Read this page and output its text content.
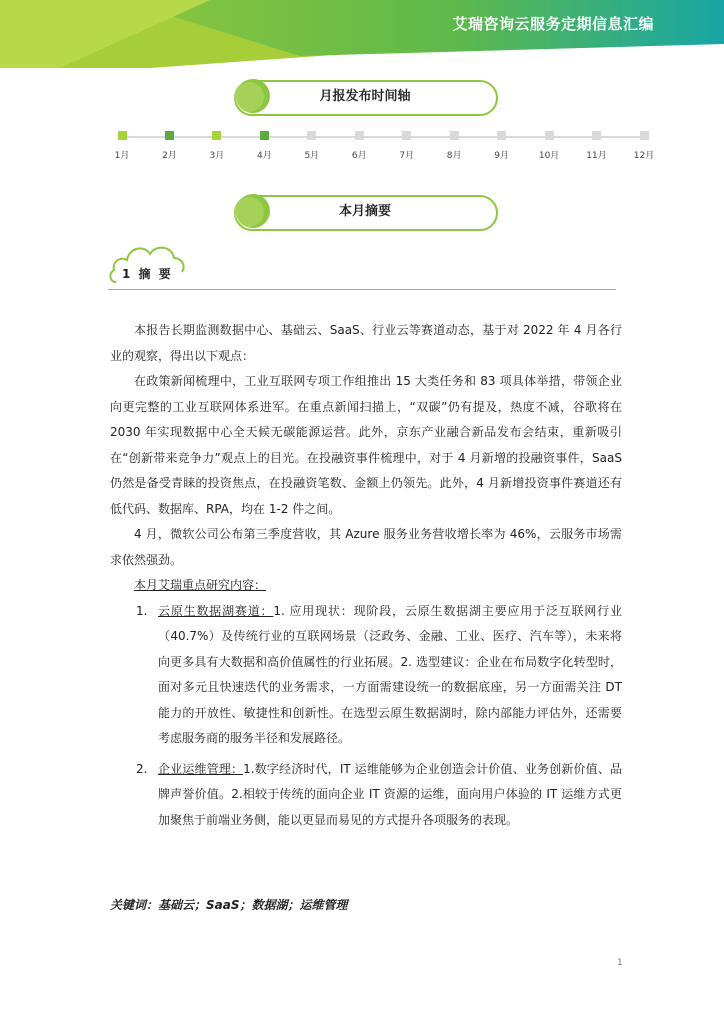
艾瑞咨询云服务定期信息汇编
月报发布时间轴
1月	2月	3月	4月	5月	6月	7月	8月	9月	10月	11月	12月
本月摘要
1 摘 要

本报告长期监测数据中心、基础云、SaaS、行业云等赛道动态，基于对 2022 年 4 月各行业的观察，得出以下观点：

在政策新闻梳理中，工业互联网专项工作组推出 15 大类任务和 83 项具体举措，带领企业向更完整的工业互联网体系进军。在重点新闻扫描上，“双碳”仍有提及，热度不减，谷歌将在 2030 年实现数据中心全天候无碳能源运营。此外，京东产业融合新品发布会结束，重新吸引在“创新带来竞争力”观点上的目光。在投融资事件梳理中，对于 4 月新增的投融资事件，SaaS 仍然是备受青睐的投资焦点，在投融资笔数、金额上仍领先。此外，4 月新增投资事件赛道还有低代码、数据库、RPA，均在 1-2 件之间。

4 月，微软公司公布第三季度营收，其 Azure 服务业务营收增长率为 46%，云服务市场需求依然强劲。

本月艾瑞重点研究内容：

1. 云原生数据湖赛道：1. 应用现状：现阶段，云原生数据湖主要应用于泛互联网行业（40.7%）及传统行业的互联网场景（泛政务、金融、工业、医疗、汽车等），未来将向更多具有大数据和高价值属性的行业拓展。2. 选型建议：企业在布局数字化转型时，面对多元且快速迭代的业务需求，一方面需建设统一的数据底座，另一方面需关注 DT 能力的开放性、敏捷性和创新性。在选型云原生数据湖时，除内部能力评估外，还需要考虑服务商的服务半径和发展路径。
2. 企业运维管理：1.数字经济时代，IT 运维能够为企业创造会计价值、业务创新价值、品牌声誉价值。2.相较于传统的面向企业 IT 资源的运维，面向用户体验的 IT 运维方式更加聚焦于前端业务侧，能以更显而易见的方式提升各项服务的表现。
关键词：基础云；SaaS；数据湖；运维管理
1
